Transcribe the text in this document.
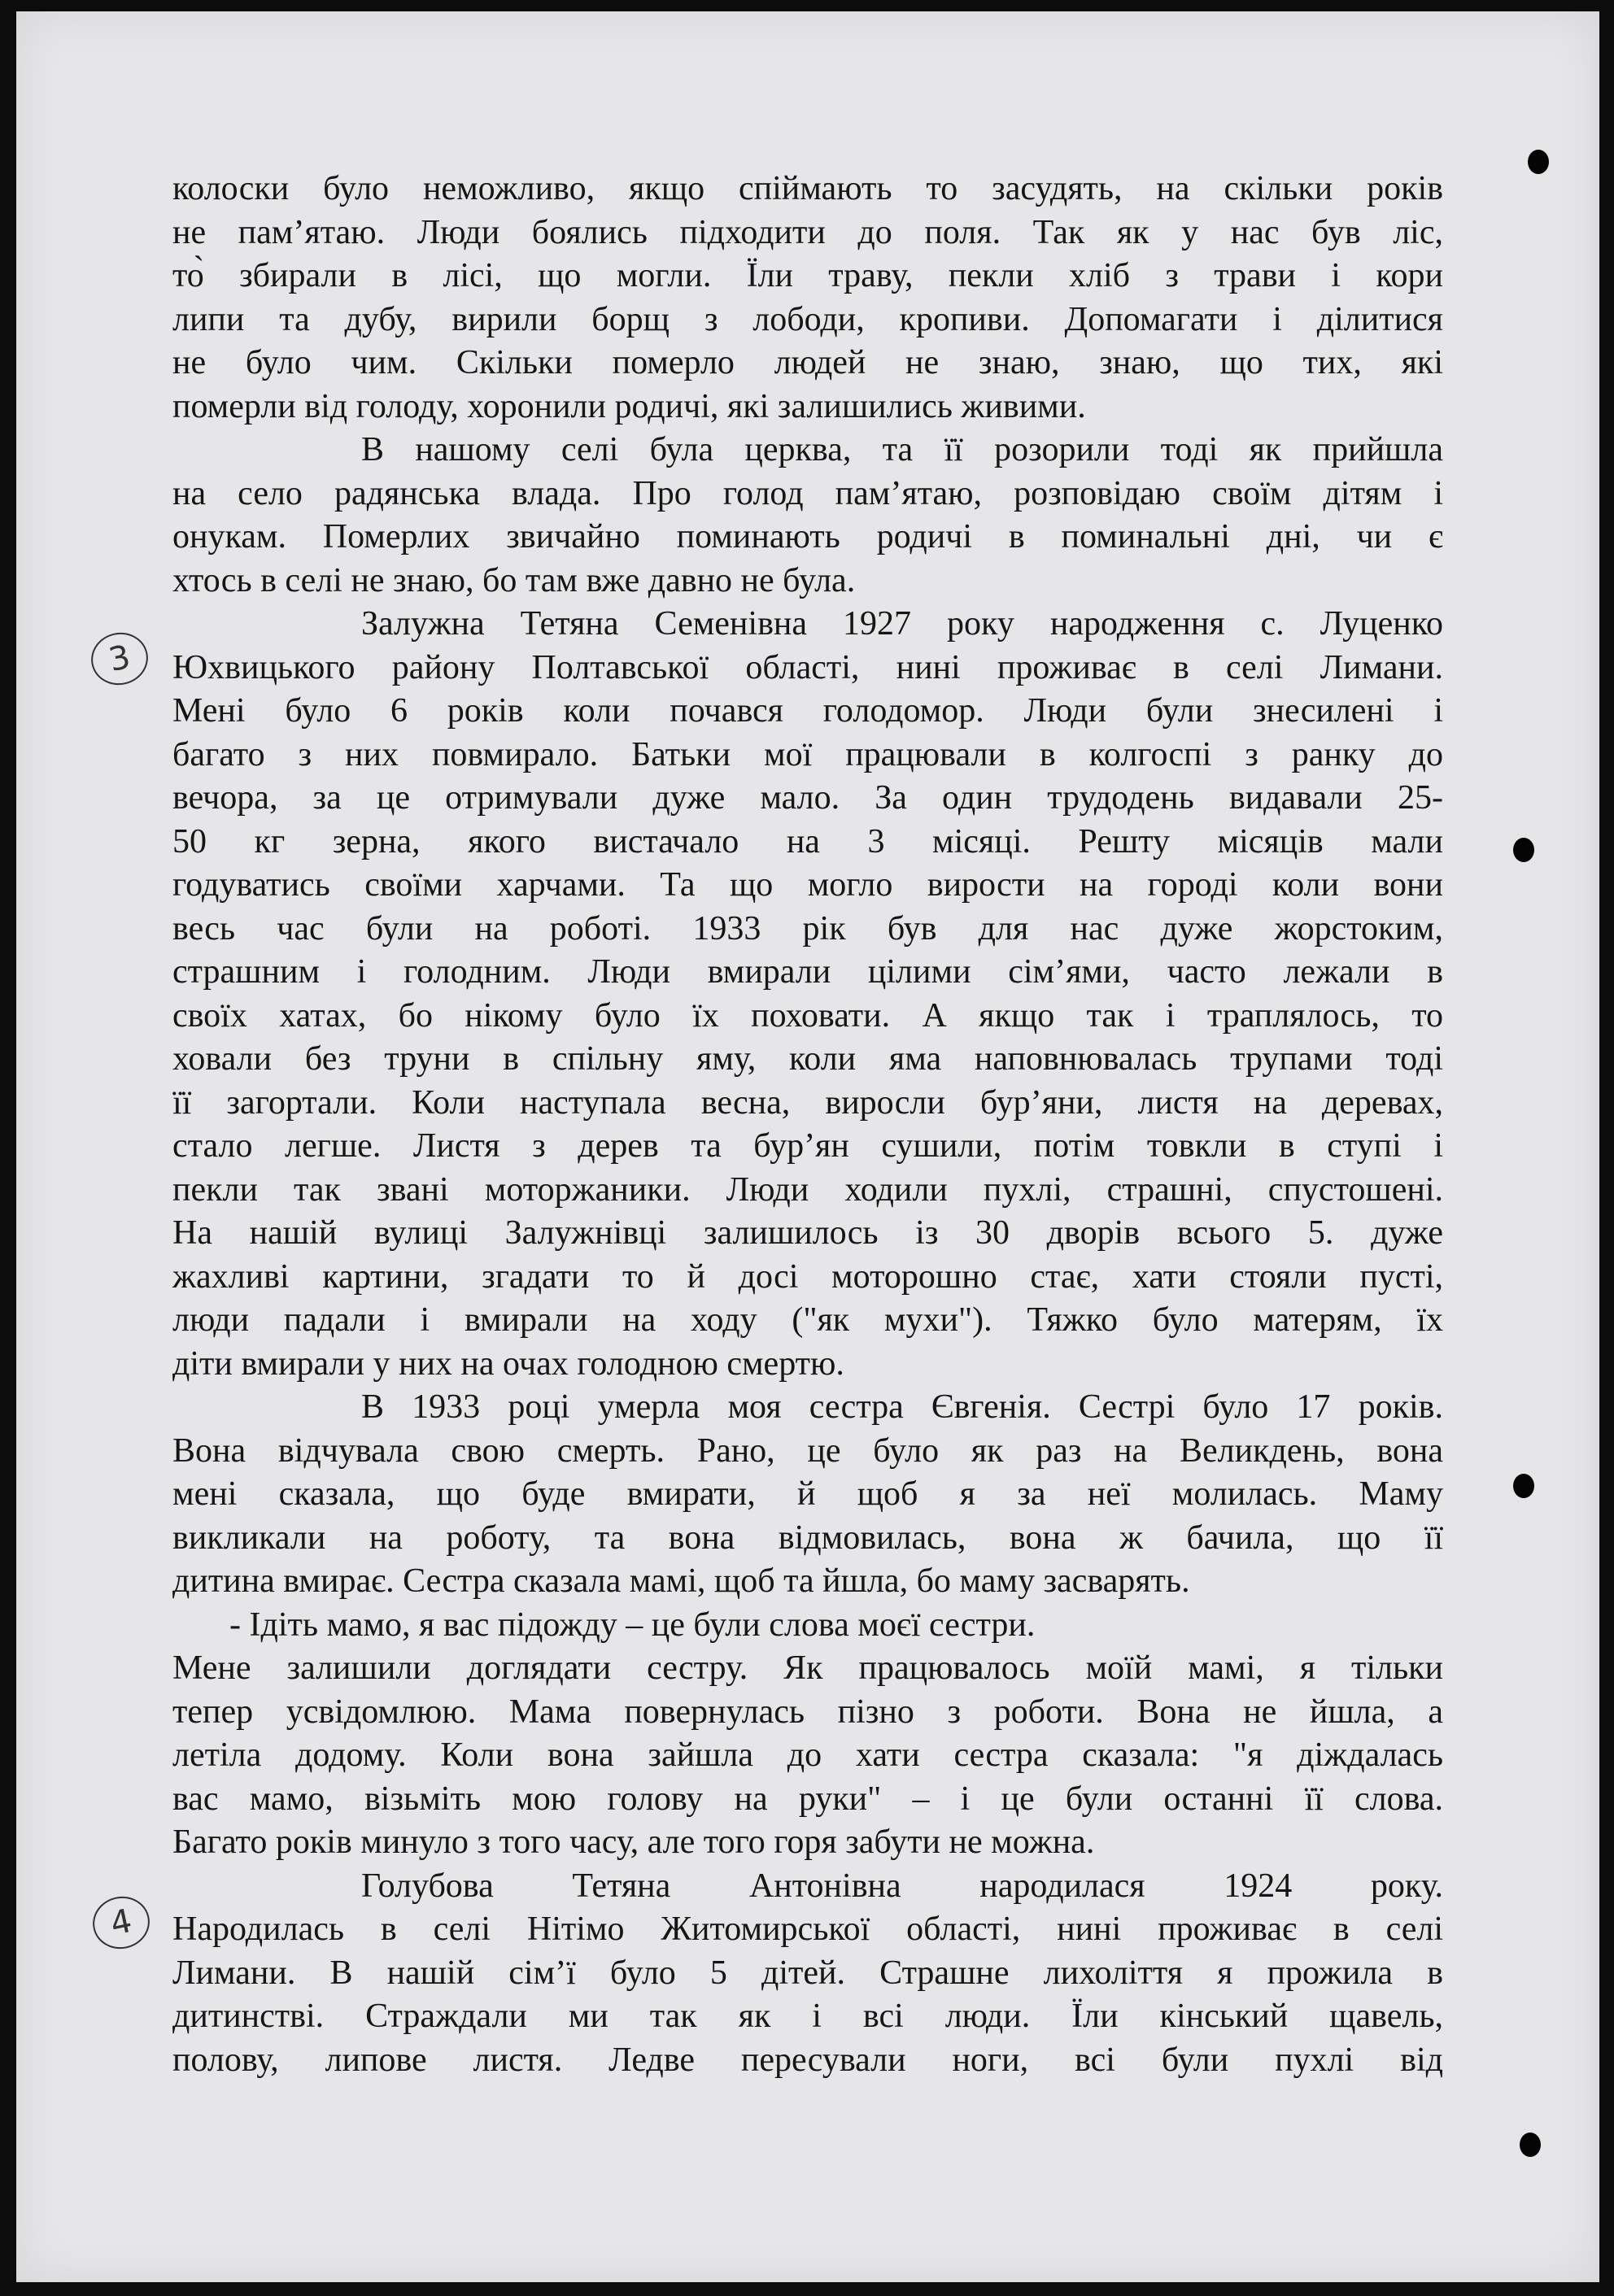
колоски було неможливо, якщо спіймають то засудять, на скільки років
не пам’ятаю. Люди боялись підходити до поля. Так як у нас був ліс,
то̀ збирали в лісі, що могли. Їли траву, пекли хліб з трави і кори
липи та дубу, вирили борщ з лободи, кропиви. Допомагати і ділитися
не було чим. Скільки померло людей не знаю, знаю, що тих, які
померли від голоду, хоронили родичі, які залишились живими.
В нашому селі була церква, та її розорили тоді як прийшла
на село радянська влада. Про голод пам’ятаю, розповідаю своїм дітям і
онукам. Померлих звичайно поминають родичі в поминальні дні, чи є
хтось в селі не знаю, бо там вже давно не була.
Залужна Тетяна Семенівна 1927 року народження с. Луценко
Юхвицького району Полтавської області, нині проживає в селі Лимани.
Мені було 6 років коли почався голодомор. Люди були знесилені і
багато з них повмирало. Батьки мої працювали в колгоспі з ранку до
вечора, за це отримували дуже мало. За один трудодень видавали 25-
50 кг зерна, якого вистачало на 3 місяці. Решту місяців мали
годуватись своїми харчами. Та що могло вирости на городі коли вони
весь час були на роботі. 1933 рік був для нас дуже жорстоким,
страшним і голодним. Люди вмирали цілими сім’ями, часто лежали в
своїх хатах, бо нікому було їх поховати. А якщо так і траплялось, то
ховали без труни в спільну яму, коли яма наповнювалась трупами тоді
її загортали. Коли наступала весна, виросли бур’яни, листя на деревах,
стало легше. Листя з дерев та бур’ян сушили, потім товкли в ступі і
пекли так звані моторжаники. Люди ходили пухлі, страшні, спустошені.
На нашій вулиці Залужнівці залишилось із 30 дворів всього 5. дуже
жахливі картини, згадати то й досі моторошно стає, хати стояли пусті,
люди падали і вмирали на ходу ("як мухи"). Тяжко було матерям, їх
діти вмирали у них на очах голодною смертю.
В 1933 році умерла моя сестра Євгенія. Сестрі було 17 років.
Вона відчувала свою смерть. Рано, це було як раз на Великдень, вона
мені сказала, що буде вмирати, й щоб я за неї молилась. Маму
викликали на роботу, та вона відмовилась, вона ж бачила, що її
дитина вмирає. Сестра сказала мамі, щоб та йшла, бо маму засварять.
- Ідіть мамо, я вас підожду – це були слова моєї сестри.
Мене залишили доглядати сестру. Як працювалось моїй мамі, я тільки
тепер усвідомлюю. Мама повернулась пізно з роботи. Вона не йшла, а
летіла додому. Коли вона зайшла до хати сестра сказала: "я діждалась
вас мамо, візьміть мою голову на руки" – і це були останні її слова.
Багато років минуло з того часу, але того горя забути не можна.
Голубова Тетяна Антонівна народилася 1924 року.
Народилась в селі Нітімо Житомирської області, нині проживає в селі
Лимани. В нашій сім’ї було 5 дітей. Страшне лихоліття я прожила в
дитинстві. Страждали ми так як і всі люди. Їли кінський щавель,
полову, липове листя. Ледве пересували ноги, всі були пухлі від
3
4
